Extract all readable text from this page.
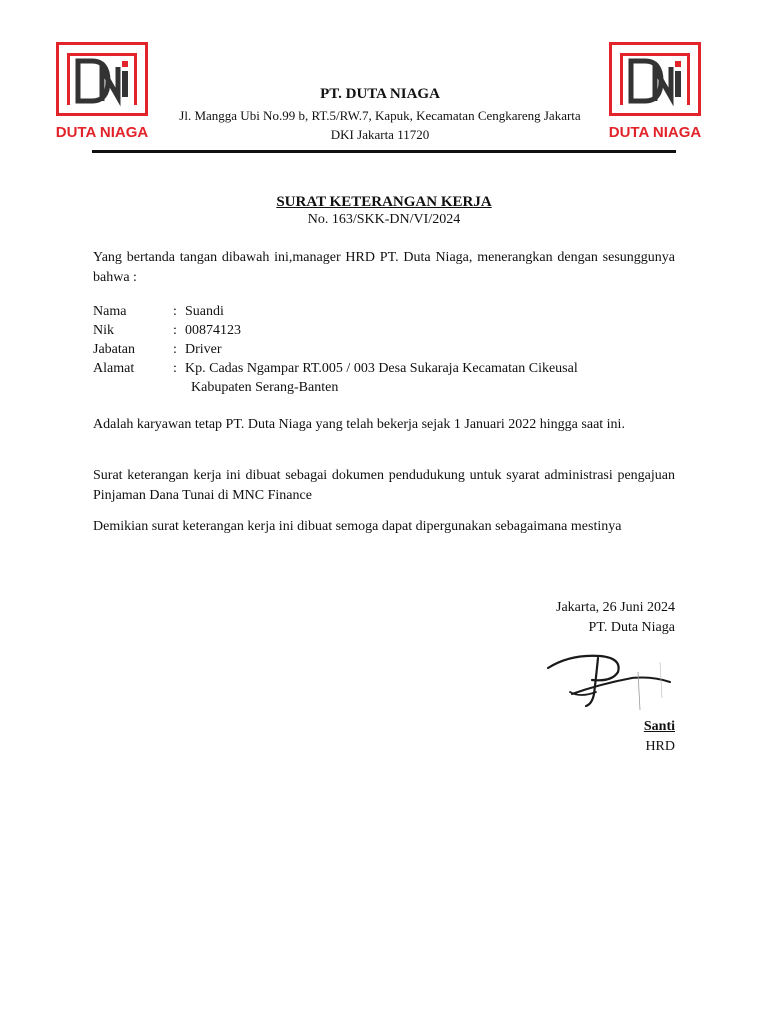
DUTA NIAGA	DUTA NIAGA
PT. DUTA NIAGA
Jl. Mangga Ubi No.99 b, RT.5/RW.7, Kapuk, Kecamatan Cengkareng Jakarta
DKI Jakarta 11720
SURAT KETERANGAN KERJA
No. 163/SKK-DN/VI/2024
Yang bertanda tangan dibawah ini,manager HRD PT. Duta Niaga, menerangkan dengan sesunggunya bahwa :
Nama	: Suandi
Nik	: 00874123
Jabatan	: Driver
Alamat	: Kp. Cadas Ngampar RT.005 / 003 Desa Sukaraja Kecamatan Cikeusal
Kabupaten Serang-Banten
Adalah karyawan tetap PT. Duta Niaga yang telah bekerja sejak 1 Januari 2022 hingga saat ini.
Surat keterangan kerja ini dibuat sebagai dokumen pendudukung untuk syarat administrasi pengajuan Pinjaman Dana Tunai di MNC Finance
Demikian surat keterangan kerja ini dibuat semoga dapat dipergunakan sebagaimana mestinya
Jakarta, 26 Juni 2024
PT. Duta Niaga
Santi
HRD
